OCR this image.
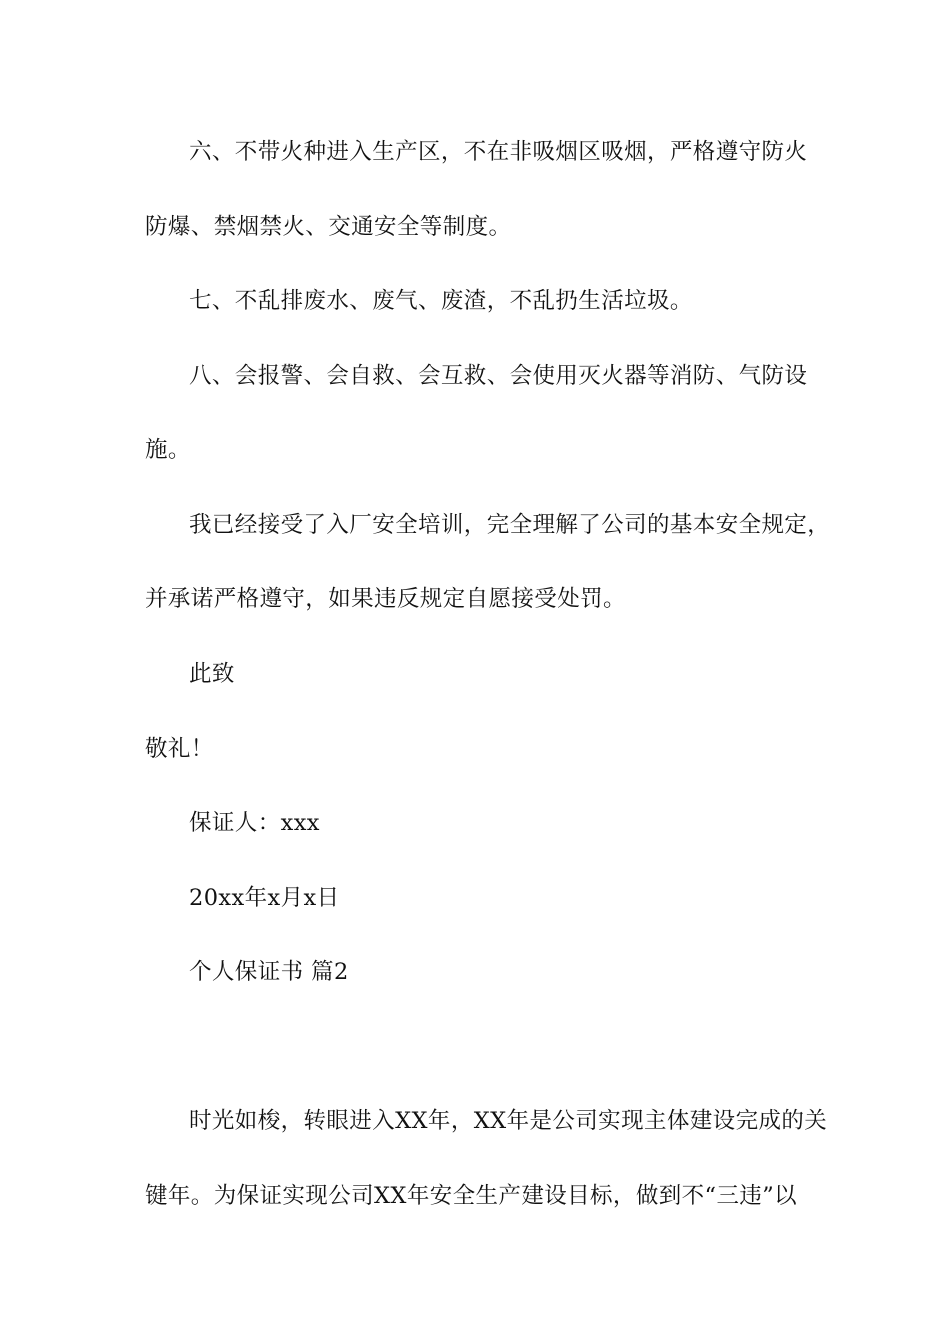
六、不带火种进入生产区，不在非吸烟区吸烟，严格遵守防火
防爆、禁烟禁火、交通安全等制度。
七、不乱排废水、废气、废渣，不乱扔生活垃圾。
八、会报警、会自救、会互救、会使用灭火器等消防、气防设
施。
我已经接受了入厂安全培训，完全理解了公司的基本安全规定，
并承诺严格遵守，如果违反规定自愿接受处罚。
此致
敬礼！
保证人：xxx
20xx年x月x日
个人保证书 篇2
时光如梭，转眼进入XX年，XX年是公司实现主体建设完成的关
键年。为保证实现公司XX年安全生产建设目标，做到不“三违”以
